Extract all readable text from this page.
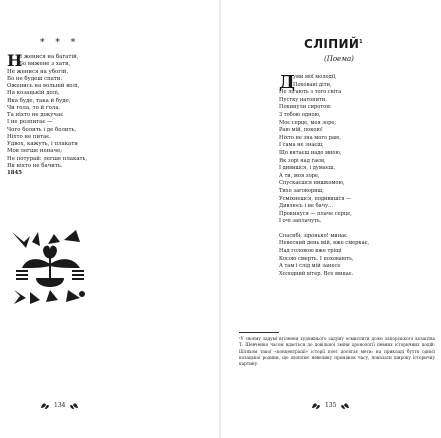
* * *
Н
е женися на багатій,
Бо вижене з хати,
Не женися на убогій,
Бо не будеш спати.
Оженись на вольній волі,
На козацькій долі,
Яка буде, така й буде,
Чи гола, то й гола.
Та ніхто не докучає
І не розпитає —
Чого болить і де болить,
Ніхто не питає.
Удвох, кажуть, і плакати
Мов легше неначе;
Не потурай: легше плакать,
Як ніхто не бачить.
1845
134
СЛІПИЙ$^1$
(Поема)
Д
уми мої молодії,
Поховані діти,
Не лігають з того світа
Пустку натопити.
Покинули сиротою
З тобою одною,
Моє серце, моя зоре,
Раю мій, покою!
Ніхто не зна мого раю,
І сама не знаєш,
Що витаєш надо мною,
Як зорі над гаєм,
І дивишся, і думаєш,
А ти, моя зоре,
Спускаєшся нишкомою,
Тихо заговориш,
Усміхнешся, подивишся —
Дивлюсь і не бачу…
Прокинуся — плаче серце,
І очі заплачуть.
Спасибі, зіронько! минає
Невесний день мій, вже смеркає,
Над головою вже тріщі
Косою смерть. І поховають,
А там і слід мій занесе
Холодний вітер. Все минає.
¹У своєму задумі втілення художнього задуму осмислити долю запорізького козацтва Т. Шевченко часом вдається до довільної зміни хронології певних історичних подій. Шляхом такої «концентрації» історії поет досягає мети: на прикладі буття однієї козацької родини, що охоплює невелику проміжок часу, показати широку історичну картину.
135
